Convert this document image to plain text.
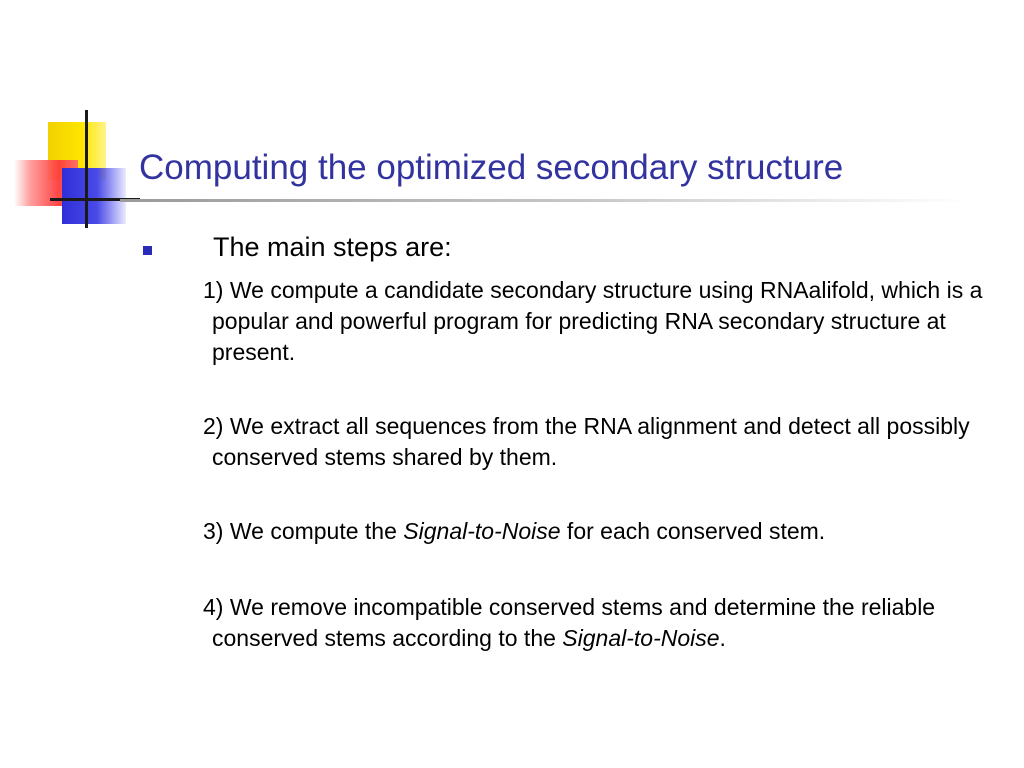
Computing the optimized secondary structure
The main steps are:
1) We compute a candidate secondary structure using RNAalifold, which is a popular and powerful program for predicting RNA secondary structure at present.
2) We extract all sequences from the RNA alignment and detect all possibly conserved stems shared by them.
3) We compute the Signal-to-Noise for each conserved stem.
4) We remove incompatible conserved stems and determine the reliable conserved stems according to the Signal-to-Noise.
